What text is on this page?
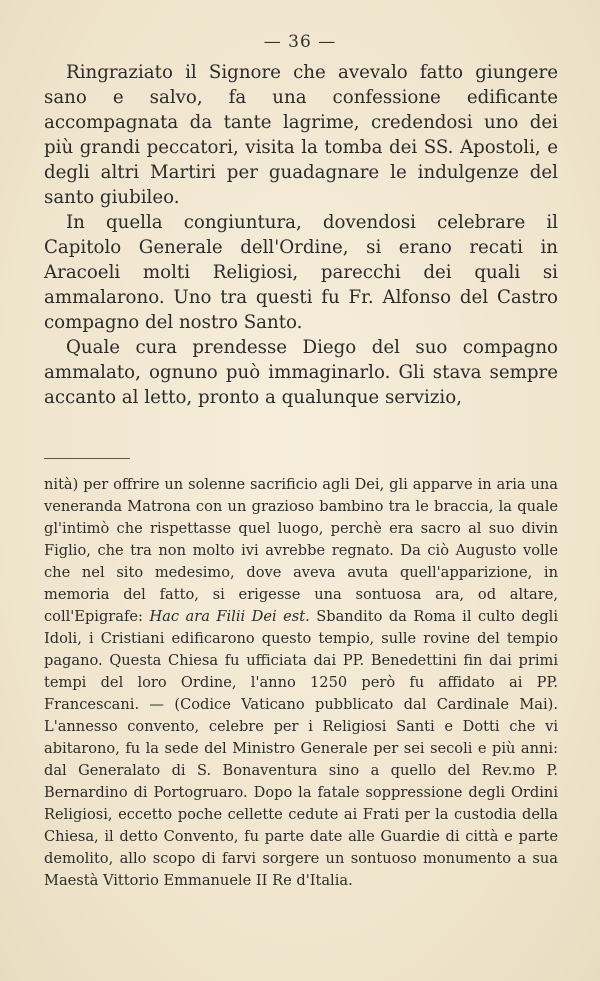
— 36 —

Ringraziato il Signore che avevalo fatto giungere sano e salvo, fa una confessione edificante accompagnata da tante lagrime, credendosi uno dei più grandi peccatori, visita la tomba dei SS. Apostoli, e degli altri Martiri per guadagnare le indulgenze del santo giubileo.

In quella congiuntura, dovendosi celebrare il Capitolo Generale dell'Ordine, si erano recati in Aracoeli molti Religiosi, parecchi dei quali si ammalarono. Uno tra questi fu Fr. Alfonso del Castro compagno del nostro Santo.

Quale cura prendesse Diego del suo compagno ammalato, ognuno può immaginarlo. Gli stava sempre accanto al letto, pronto a qualunque servizio,

nità) per offrire un solenne sacrificio agli Dei, gli apparve in aria una veneranda Matrona con un grazioso bambino tra le braccia, la quale gl'intimò che rispettasse quel luogo, perchè era sacro al suo divin Figlio, che tra non molto ivi avrebbe regnato. Da ciò Augusto volle che nel sito medesimo, dove aveva avuta quell'apparizione, in memoria del fatto, si erigesse una sontuosa ara, od altare, coll'Epigrafe: Hac ara Filii Dei est. Sbandito da Roma il culto degli Idoli, i Cristiani edificarono questo tempio, sulle rovine del tempio pagano. Questa Chiesa fu ufficiata dai PP. Benedettini fin dai primi tempi del loro Ordine, l'anno 1250 però fu affidato ai PP. Francescani. — (Codice Vaticano pubblicato dal Cardinale Mai). L'annesso convento, celebre per i Religiosi Santi e Dotti che vi abitarono, fu la sede del Ministro Generale per sei secoli e più anni: dal Generalato di S. Bonaventura sino a quello del Rev.mo P. Bernardino di Portogruaro. Dopo la fatale soppressione degli Ordini Religiosi, eccetto poche cellette cedute ai Frati per la custodia della Chiesa, il detto Convento, fu parte date alle Guardie di città e parte demolito, allo scopo di farvi sorgere un sontuoso monumento a sua Maestà Vittorio Emmanuele II Re d'Italia.
